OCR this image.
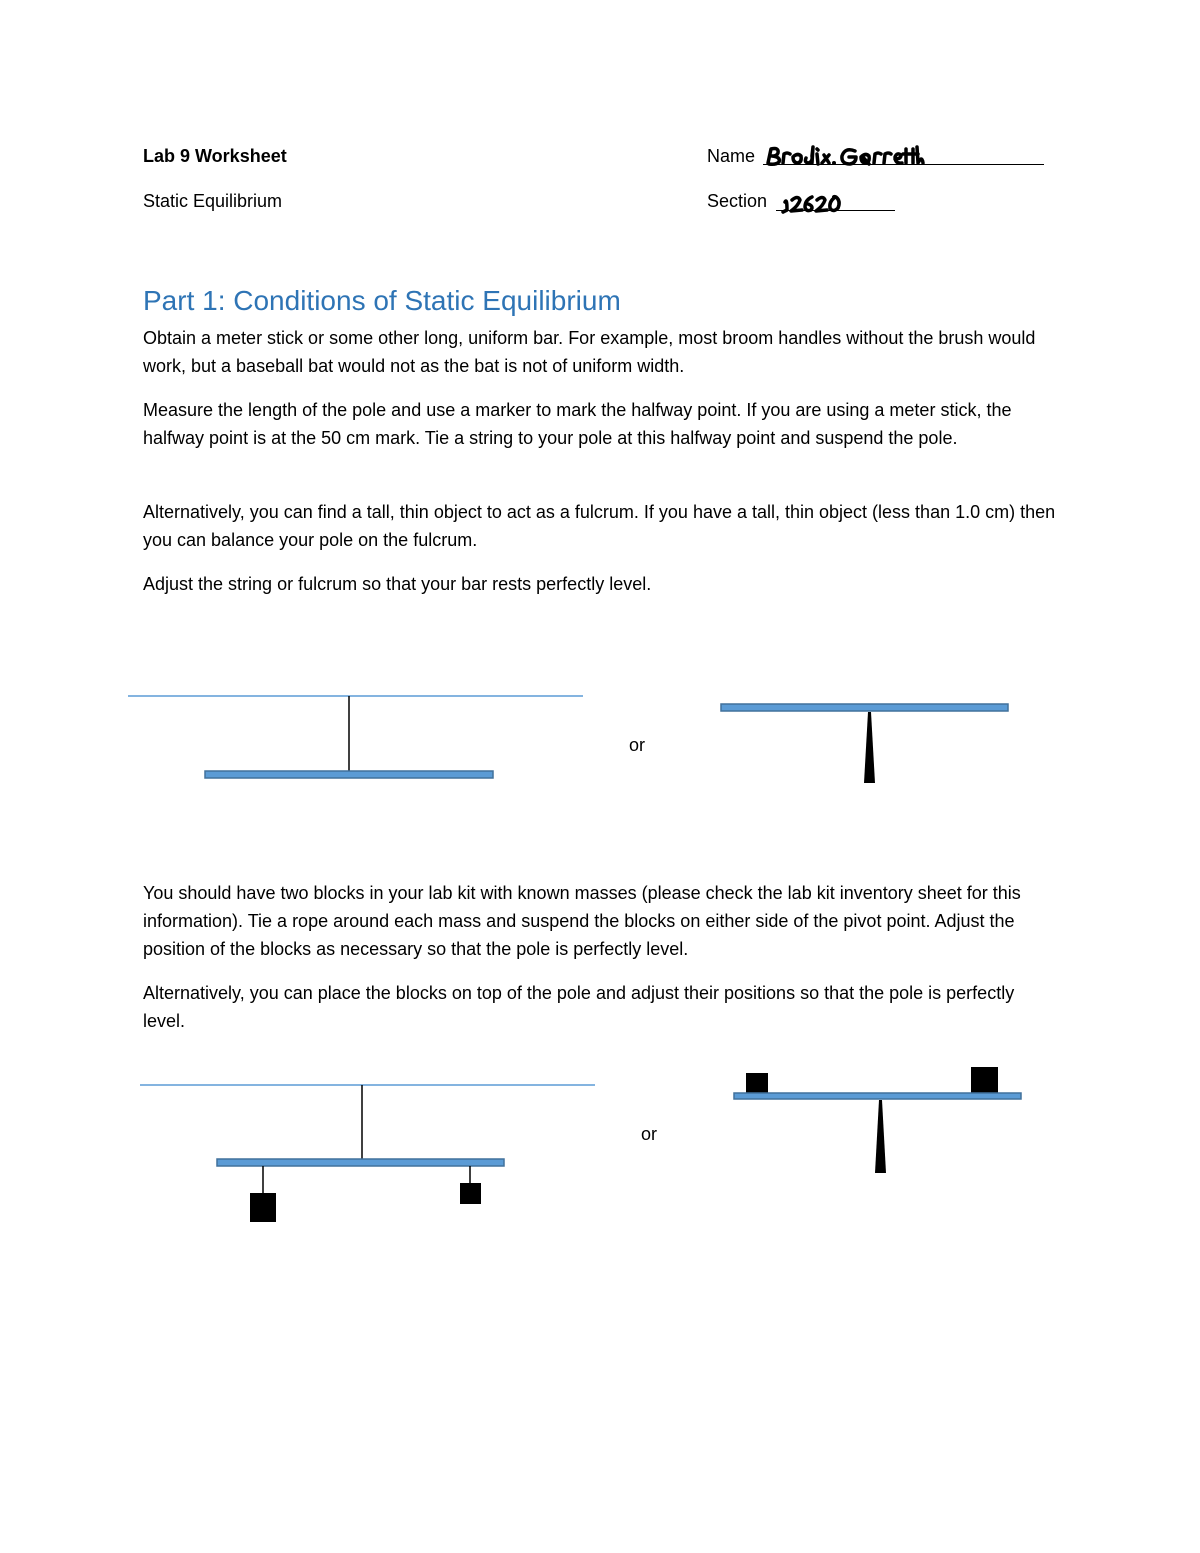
Lab 9 Worksheet
Static Equilibrium
Name
Section
Part 1: Conditions of Static Equilibrium

Obtain a meter stick or some other long, uniform bar. For example, most broom handles without the brush would work, but a baseball bat would not as the bat is not of uniform width.

Measure the length of the pole and use a marker to mark the halfway point. If you are using a meter stick, the halfway point is at the 50 cm mark. Tie a string to your pole at this halfway point and suspend the pole.

Alternatively, you can find a tall, thin object to act as a fulcrum. If you have a tall, thin object (less than 1.0 cm) then you can balance your pole on the fulcrum.

Adjust the string or fulcrum so that your bar rests perfectly level.

or

You should have two blocks in your lab kit with known masses (please check the lab kit inventory sheet for this information). Tie a rope around each mass and suspend the blocks on either side of the pivot point. Adjust the position of the blocks as necessary so that the pole is perfectly level.

Alternatively, you can place the blocks on top of the pole and adjust their positions so that the pole is perfectly level.

or
